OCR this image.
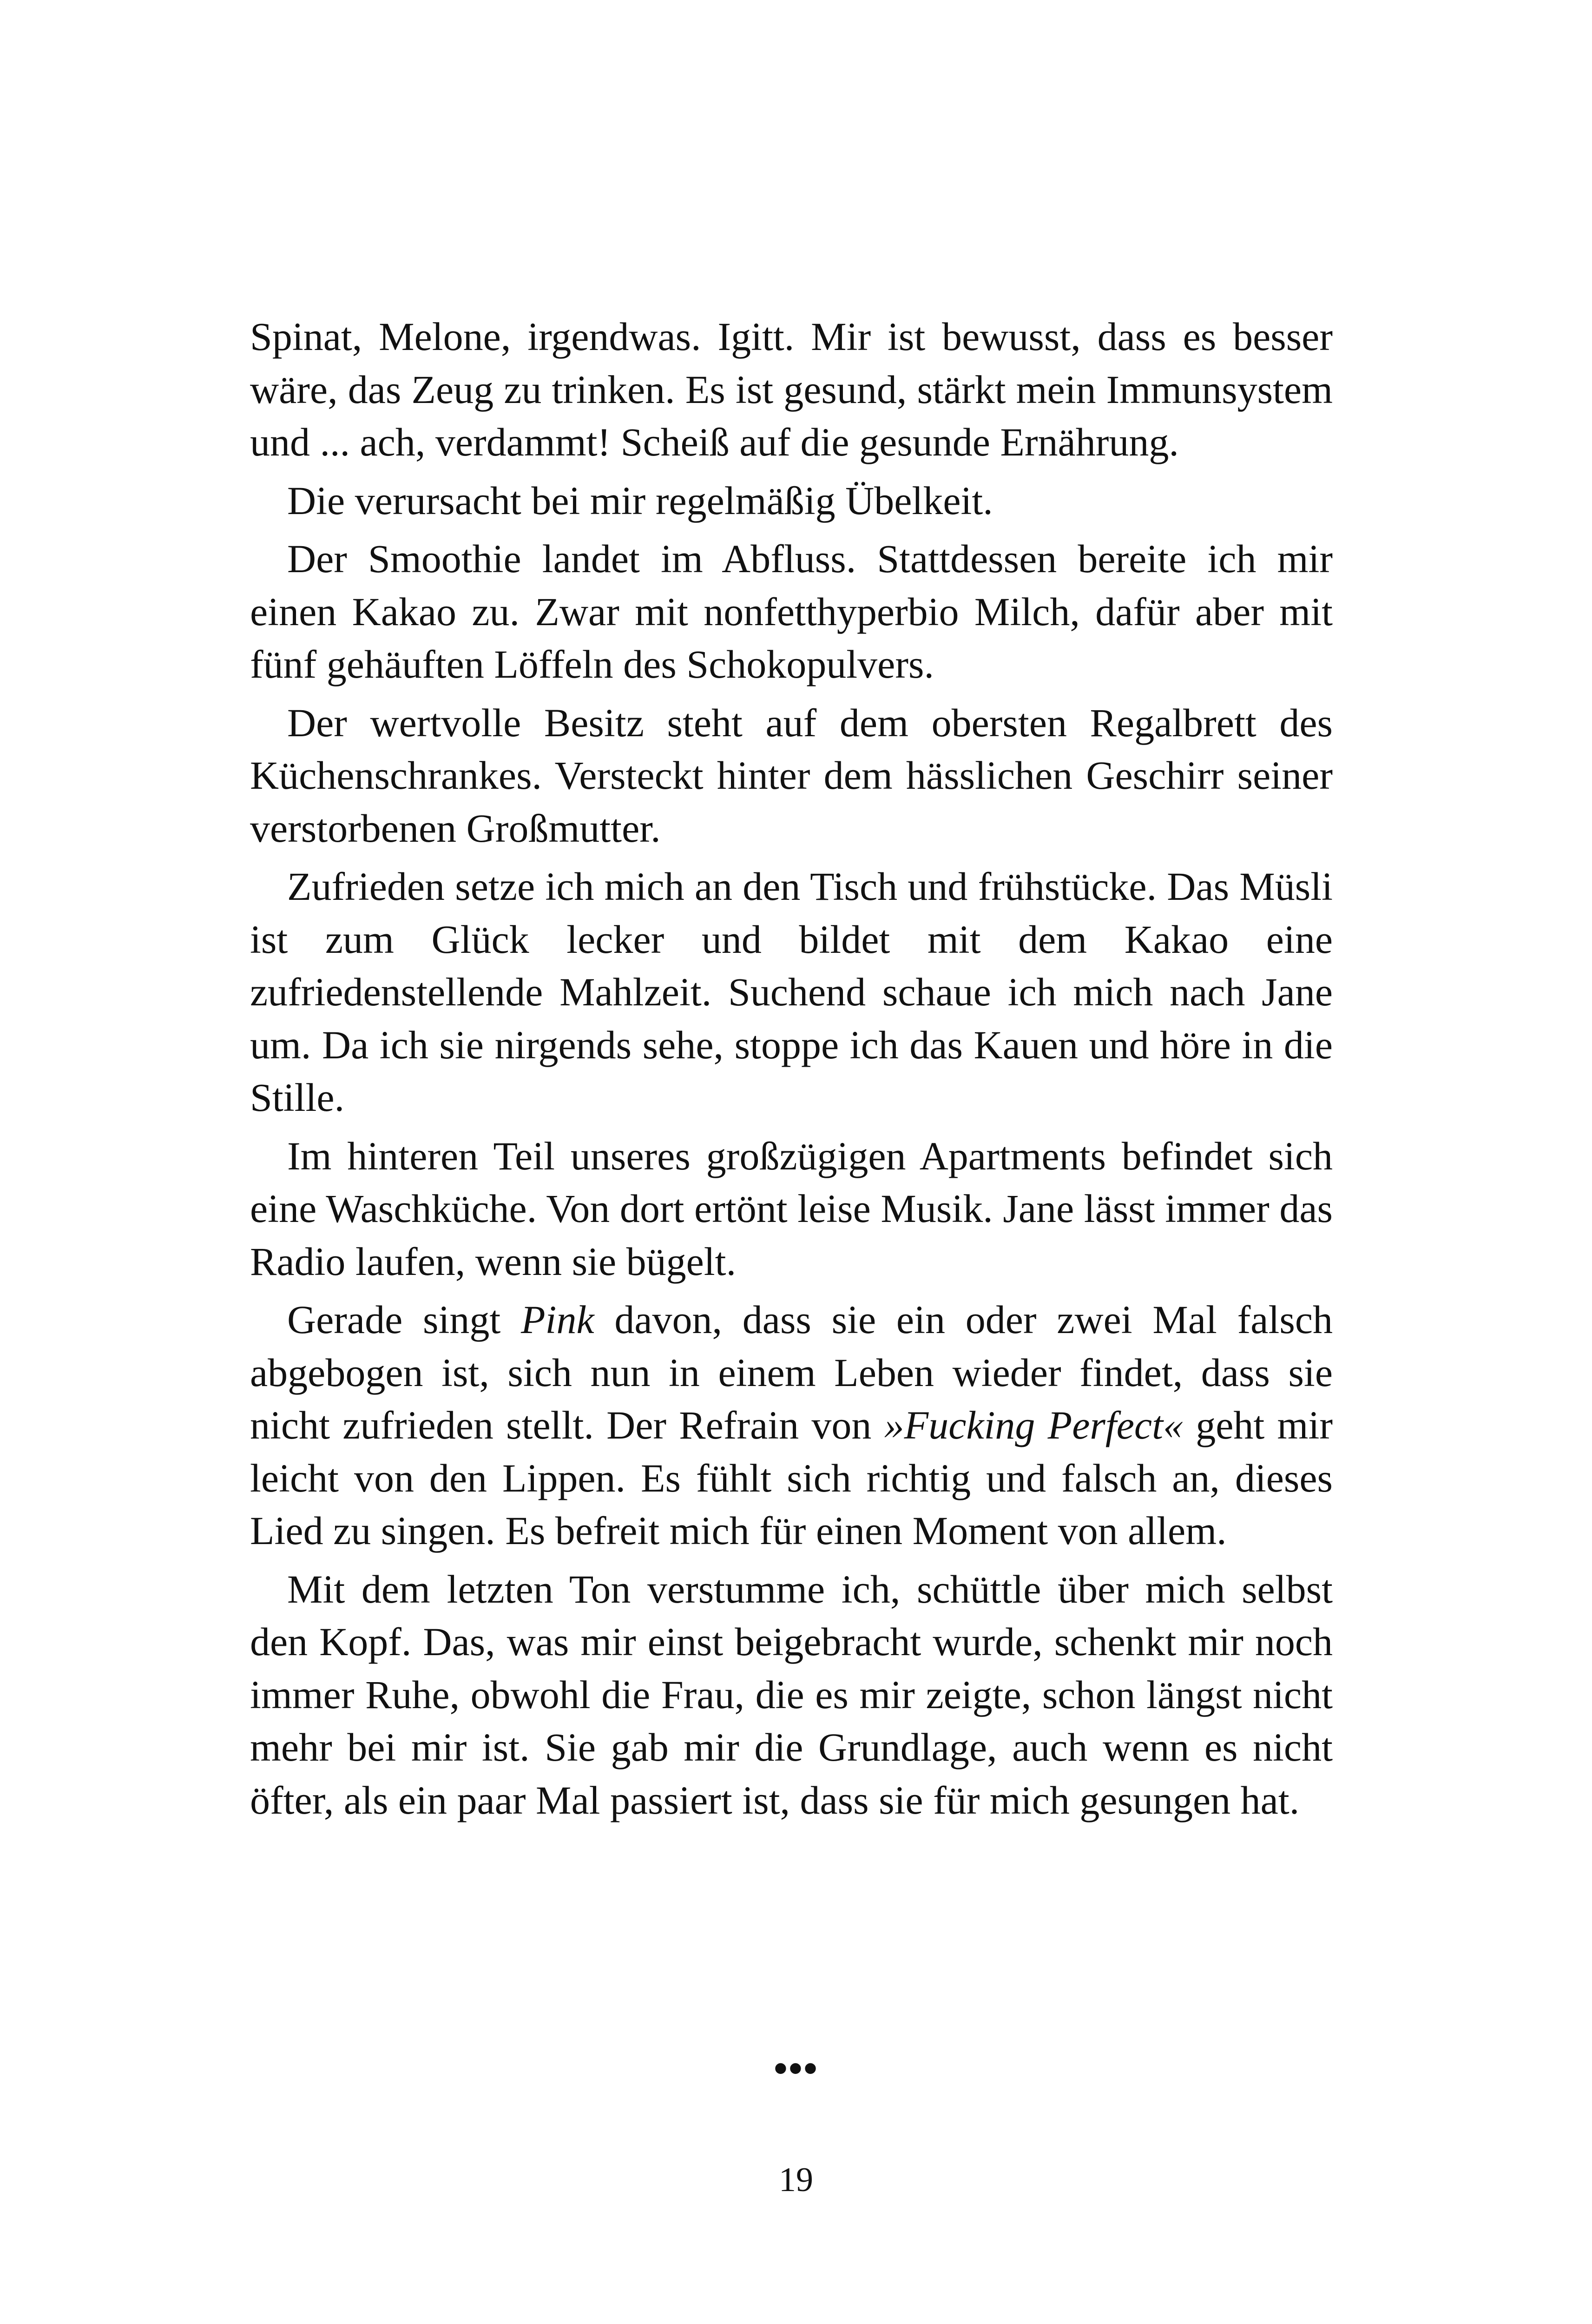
Spinat, Melone, irgendwas. Igitt. Mir ist bewusst, dass es besser wäre, das Zeug zu trinken. Es ist gesund, stärkt mein Immunsystem und ... ach, verdammt! Scheiß auf die gesunde Ernährung.

Die verursacht bei mir regelmäßig Übelkeit.

Der Smoothie landet im Abfluss. Stattdessen bereite ich mir einen Kakao zu. Zwar mit nonfetthyperbio Milch, dafür aber mit fünf gehäuften Löffeln des Schokopulvers.

Der wertvolle Besitz steht auf dem obersten Regalbrett des Küchenschrankes. Versteckt hinter dem hässlichen Geschirr seiner verstorbenen Großmutter.

Zufrieden setze ich mich an den Tisch und frühstücke. Das Müsli ist zum Glück lecker und bildet mit dem Kakao eine zufriedenstellende Mahlzeit. Suchend schaue ich mich nach Jane um. Da ich sie nirgends sehe, stoppe ich das Kauen und höre in die Stille.

Im hinteren Teil unseres großzügigen Apartments befindet sich eine Waschküche. Von dort ertönt leise Musik. Jane lässt immer das Radio laufen, wenn sie bügelt.

Gerade singt Pink davon, dass sie ein oder zwei Mal falsch abgebogen ist, sich nun in einem Leben wieder findet, dass sie nicht zufrieden stellt. Der Refrain von »Fucking Perfect« geht mir leicht von den Lippen. Es fühlt sich richtig und falsch an, dieses Lied zu singen. Es befreit mich für einen Moment von allem.

Mit dem letzten Ton verstumme ich, schüttle über mich selbst den Kopf. Das, was mir einst beigebracht wurde, schenkt mir noch immer Ruhe, obwohl die Frau, die es mir zeigte, schon längst nicht mehr bei mir ist. Sie gab mir die Grundlage, auch wenn es nicht öfter, als ein paar Mal passiert ist, dass sie für mich gesungen hat.

•••
19
